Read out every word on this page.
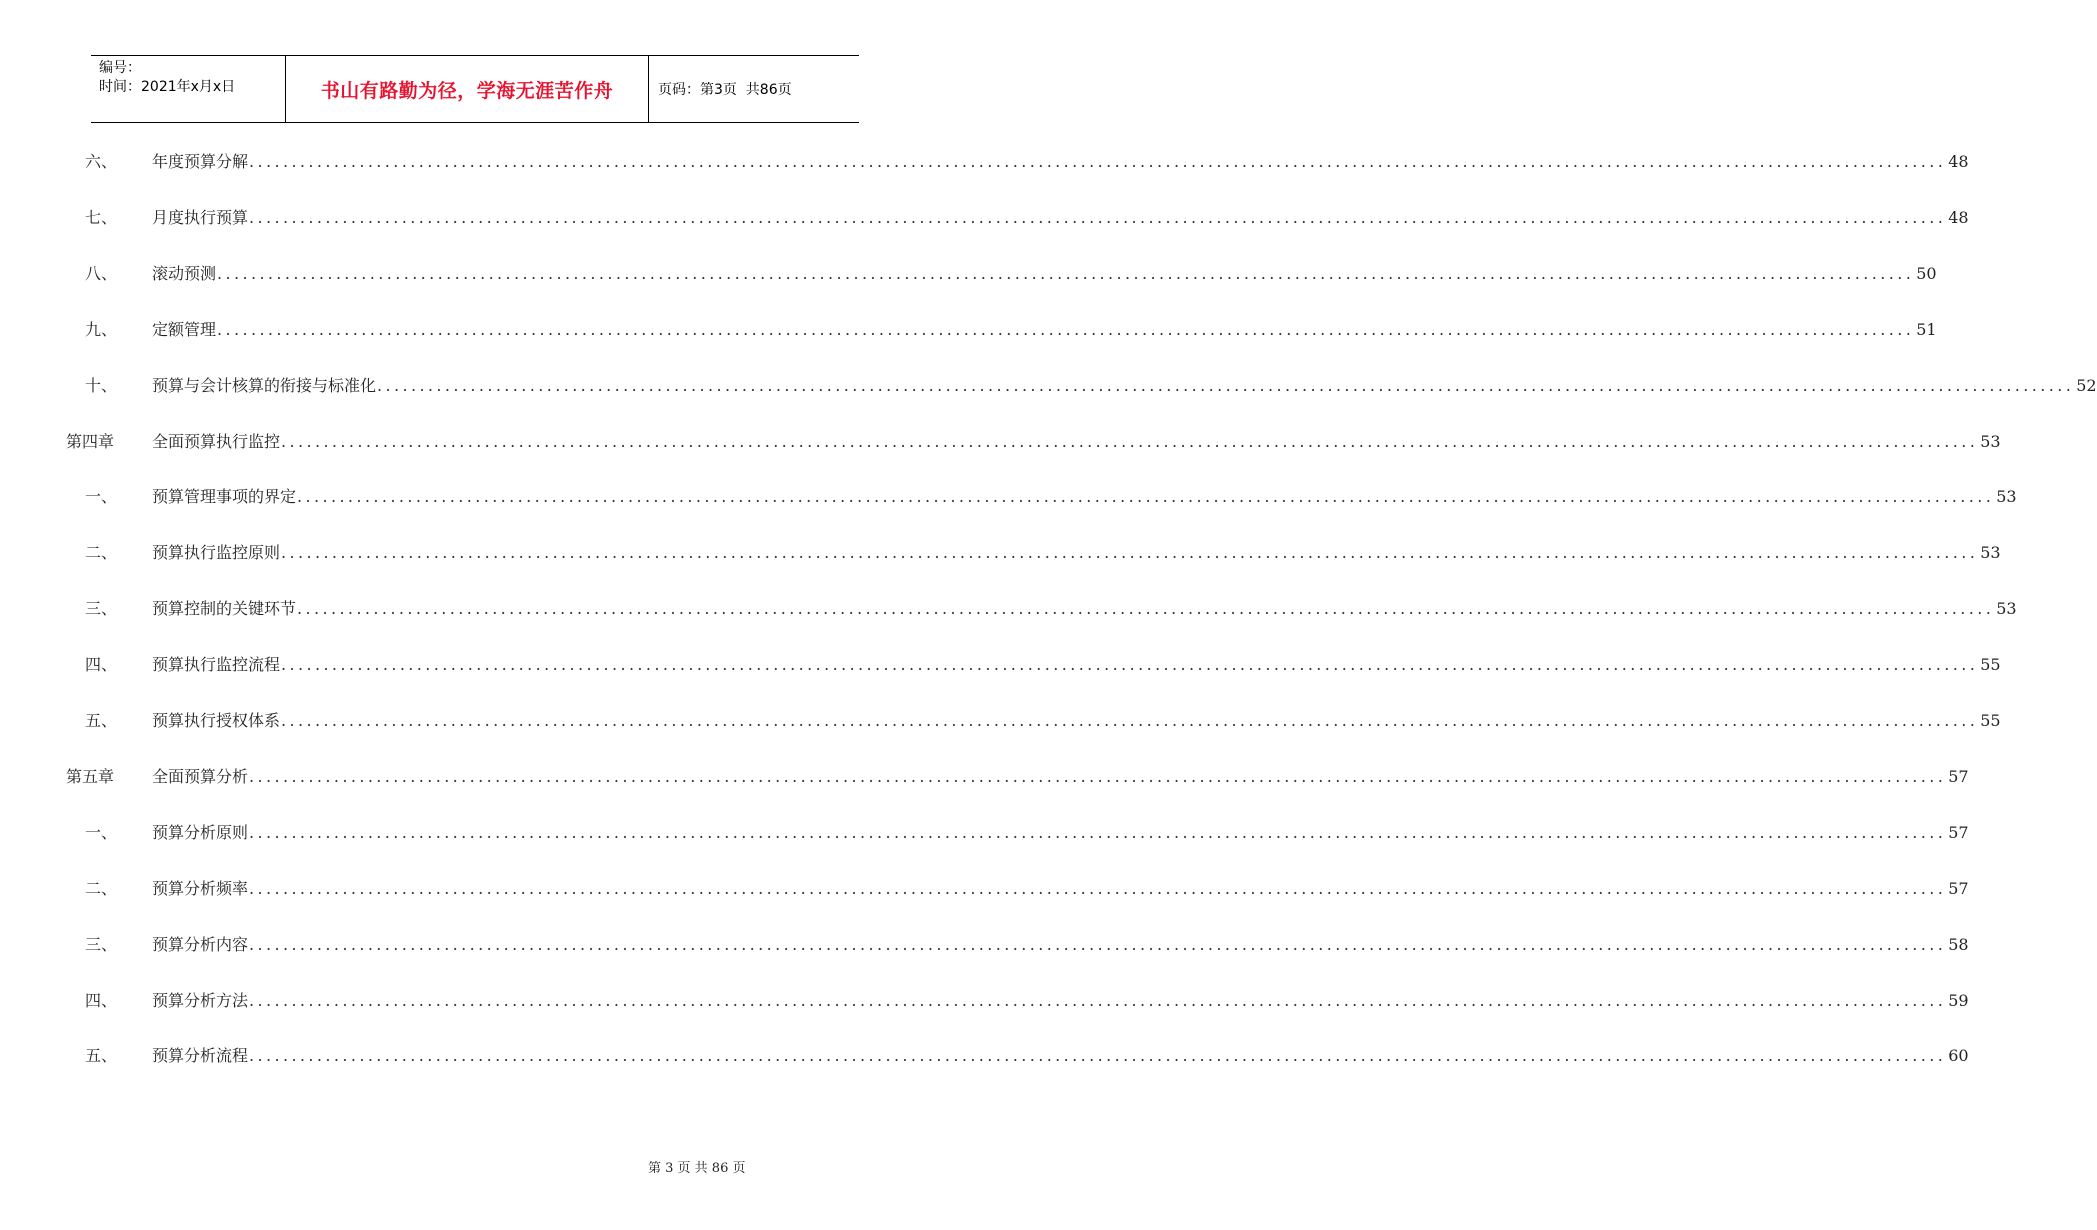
编号：
时间：2021年x月x日	书山有路勤为径，学海无涯苦作舟	页码：第3页  共86页
六、	年度预算分解 ........................................................................................................................................................................................................ 48
七、	月度执行预算 ........................................................................................................................................................................................................ 48
八、	滚动预测 ........................................................................................................................................................................................................ 50
九、	定额管理 ........................................................................................................................................................................................................ 51
十、	预算与会计核算的衔接与标准化 ........................................................................................................................................................................................................ 52
第四章	全面预算执行监控 ........................................................................................................................................................................................................ 53
一、	预算管理事项的界定 ........................................................................................................................................................................................................ 53
二、	预算执行监控原则 ........................................................................................................................................................................................................ 53
三、	预算控制的关键环节 ........................................................................................................................................................................................................ 53
四、	预算执行监控流程 ........................................................................................................................................................................................................ 55
五、	预算执行授权体系 ........................................................................................................................................................................................................ 55
第五章	全面预算分析 ........................................................................................................................................................................................................ 57
一、	预算分析原则 ........................................................................................................................................................................................................ 57
二、	预算分析频率 ........................................................................................................................................................................................................ 57
三、	预算分析内容 ........................................................................................................................................................................................................ 58
四、	预算分析方法 ........................................................................................................................................................................................................ 59
五、	预算分析流程 ........................................................................................................................................................................................................ 60
第 3 页 共 86 页
